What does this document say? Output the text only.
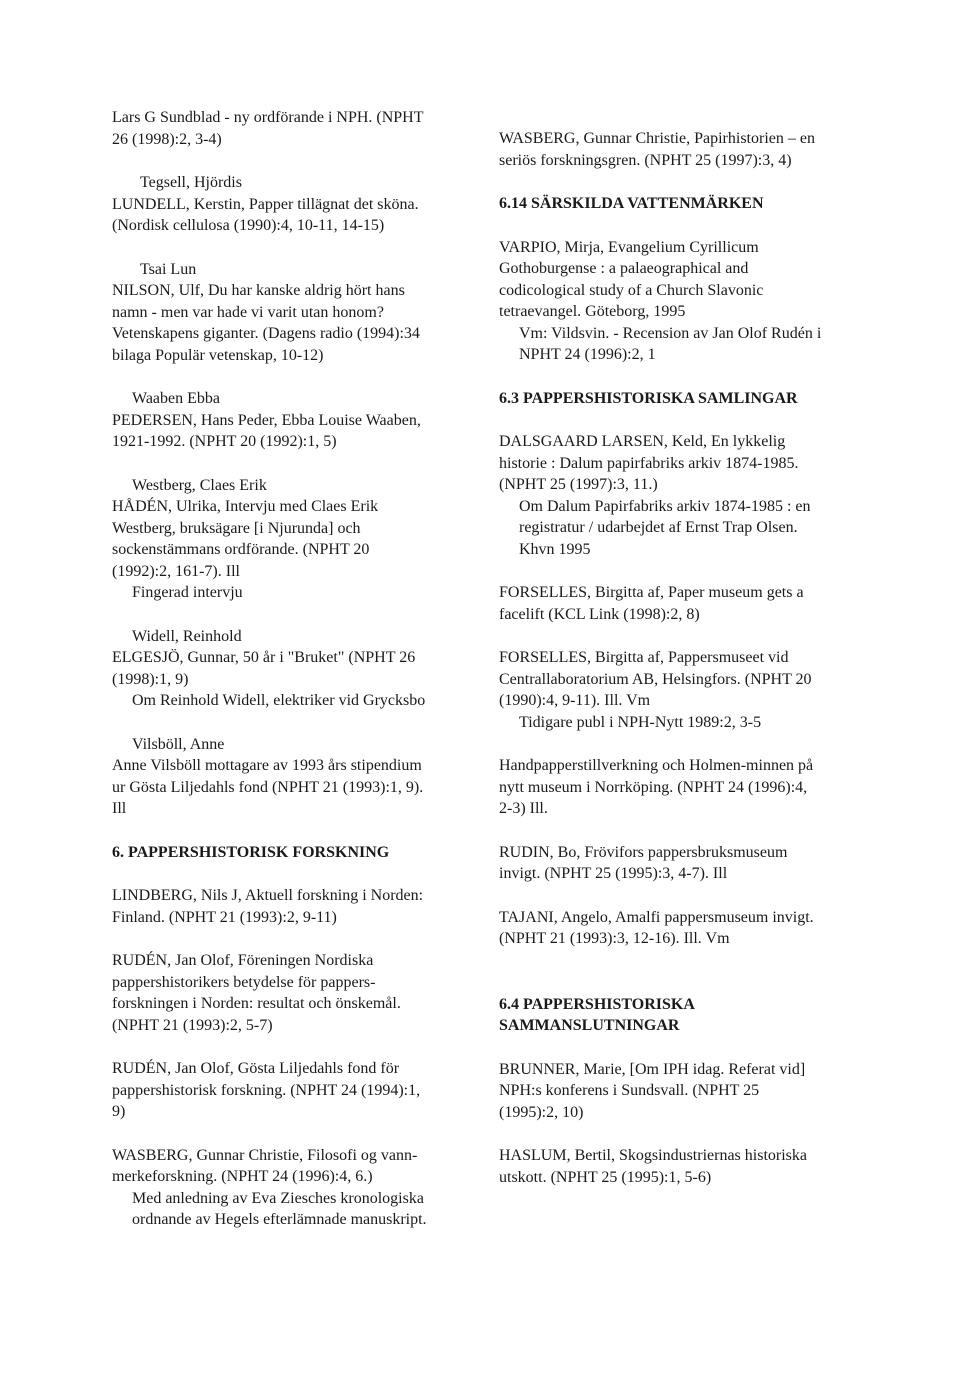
Lars G Sundblad - ny ordförande i NPH. (NPHT
26 (1998):2, 3-4)
Tegsell, Hjördis
LUNDELL, Kerstin, Papper tillägnat det sköna.
(Nordisk cellulosa (1990):4, 10-11, 14-15)
Tsai Lun
NILSON, Ulf, Du har kanske aldrig hört hans
namn - men var hade vi varit utan honom?
Vetenskapens giganter. (Dagens radio (1994):34
bilaga Populär vetenskap, 10-12)
Waaben Ebba
PEDERSEN, Hans Peder, Ebba Louise Waaben,
1921-1992. (NPHT 20 (1992):1, 5)
Westberg, Claes Erik
HÅDÉN, Ulrika, Intervju med Claes Erik
Westberg, bruksägare [i Njurunda] och
sockenstämmans ordförande. (NPHT 20
(1992):2, 161-7). Ill
Fingerad intervju
Widell, Reinhold
ELGESJÖ, Gunnar, 50 år i "Bruket" (NPHT 26
(1998):1, 9)
Om Reinhold Widell, elektriker vid Grycksbo
Vilsböll, Anne
Anne Vilsböll mottagare av 1993 års stipendium
ur Gösta Liljedahls fond (NPHT 21 (1993):1, 9).
Ill
6. PAPPERSHISTORISK FORSKNING
LINDBERG, Nils J, Aktuell forskning i Norden:
Finland. (NPHT 21 (1993):2, 9-11)
RUDÉN, Jan Olof, Föreningen Nordiska
pappershistorikers betydelse för pappers-
forskningen i Norden: resultat och önskemål.
(NPHT 21 (1993):2, 5-7)
RUDÉN, Jan Olof, Gösta Liljedahls fond för
pappershistorisk forskning. (NPHT 24 (1994):1,
9)
WASBERG, Gunnar Christie, Filosofi og vann-
merkeforskning. (NPHT 24 (1996):4, 6.)
Med anledning av Eva Ziesches kronologiska
ordnande av Hegels efterlämnade manuskript.
WASBERG, Gunnar Christie, Papirhistorien – en
seriös forskningsgren. (NPHT 25 (1997):3, 4)
6.14 SÄRSKILDA VATTENMÄRKEN
VARPIO, Mirja, Evangelium Cyrillicum
Gothoburgense : a palaeographical and
codicological study of a Church Slavonic
tetraevangel. Göteborg, 1995
Vm: Vildsvin. - Recension av Jan Olof Rudén i
NPHT 24 (1996):2, 1
6.3 PAPPERSHISTORISKA SAMLINGAR
DALSGAARD LARSEN, Keld, En lykkelig
historie : Dalum papirfabriks arkiv 1874-1985.
(NPHT 25 (1997):3, 11.)
Om Dalum Papirfabriks arkiv 1874-1985 : en
registratur / udarbejdet af Ernst Trap Olsen.
Khvn 1995
FORSELLES, Birgitta af, Paper museum gets a
facelift (KCL Link (1998):2, 8)
FORSELLES, Birgitta af, Pappersmuseet vid
Centrallaboratorium AB, Helsingfors. (NPHT 20
(1990):4, 9-11). Ill. Vm
Tidigare publ i NPH-Nytt 1989:2, 3-5
Handpapperstillverkning och Holmen-minnen på
nytt museum i Norrköping. (NPHT 24 (1996):4,
2-3) Ill.
RUDIN, Bo, Frövifors pappersbruksmuseum
invigt. (NPHT 25 (1995):3, 4-7). Ill
TAJANI, Angelo, Amalfi pappersmuseum invigt.
(NPHT 21 (1993):3, 12-16). Ill. Vm
6.4 PAPPERSHISTORISKA
SAMMANSLUTNINGAR
BRUNNER, Marie, [Om IPH idag. Referat vid]
NPH:s konferens i Sundsvall. (NPHT 25
(1995):2, 10)
HASLUM, Bertil, Skogsindustriernas historiska
utskott. (NPHT 25 (1995):1, 5-6)
